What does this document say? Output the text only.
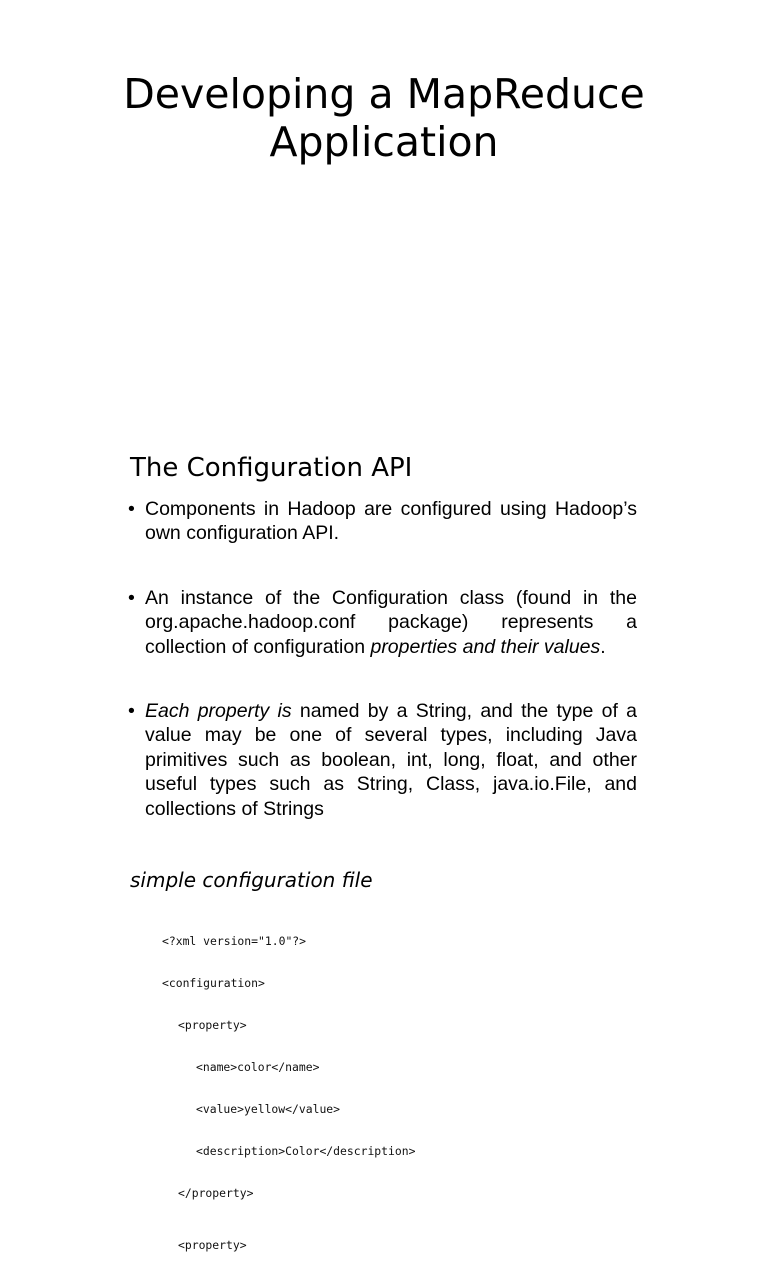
Developing a MapReduce
Application
The Configuration API
• Components in Hadoop are configured using Hadoop’s own configuration API.
• An instance of the Configuration class (found in the org.apache.hadoop.conf package) represents a collection of configuration properties and their values.
• Each property is named by a String, and the type of a value may be one of several types, including Java primitives such as boolean, int, long, float, and other useful types such as String, Class, java.io.File, and collections of Strings
simple configuration file

<?xml version="1.0"?>

<configuration>

<property>

<name>color</name>

<value>yellow</value>

<description>Color</description>

</property>

<property>
